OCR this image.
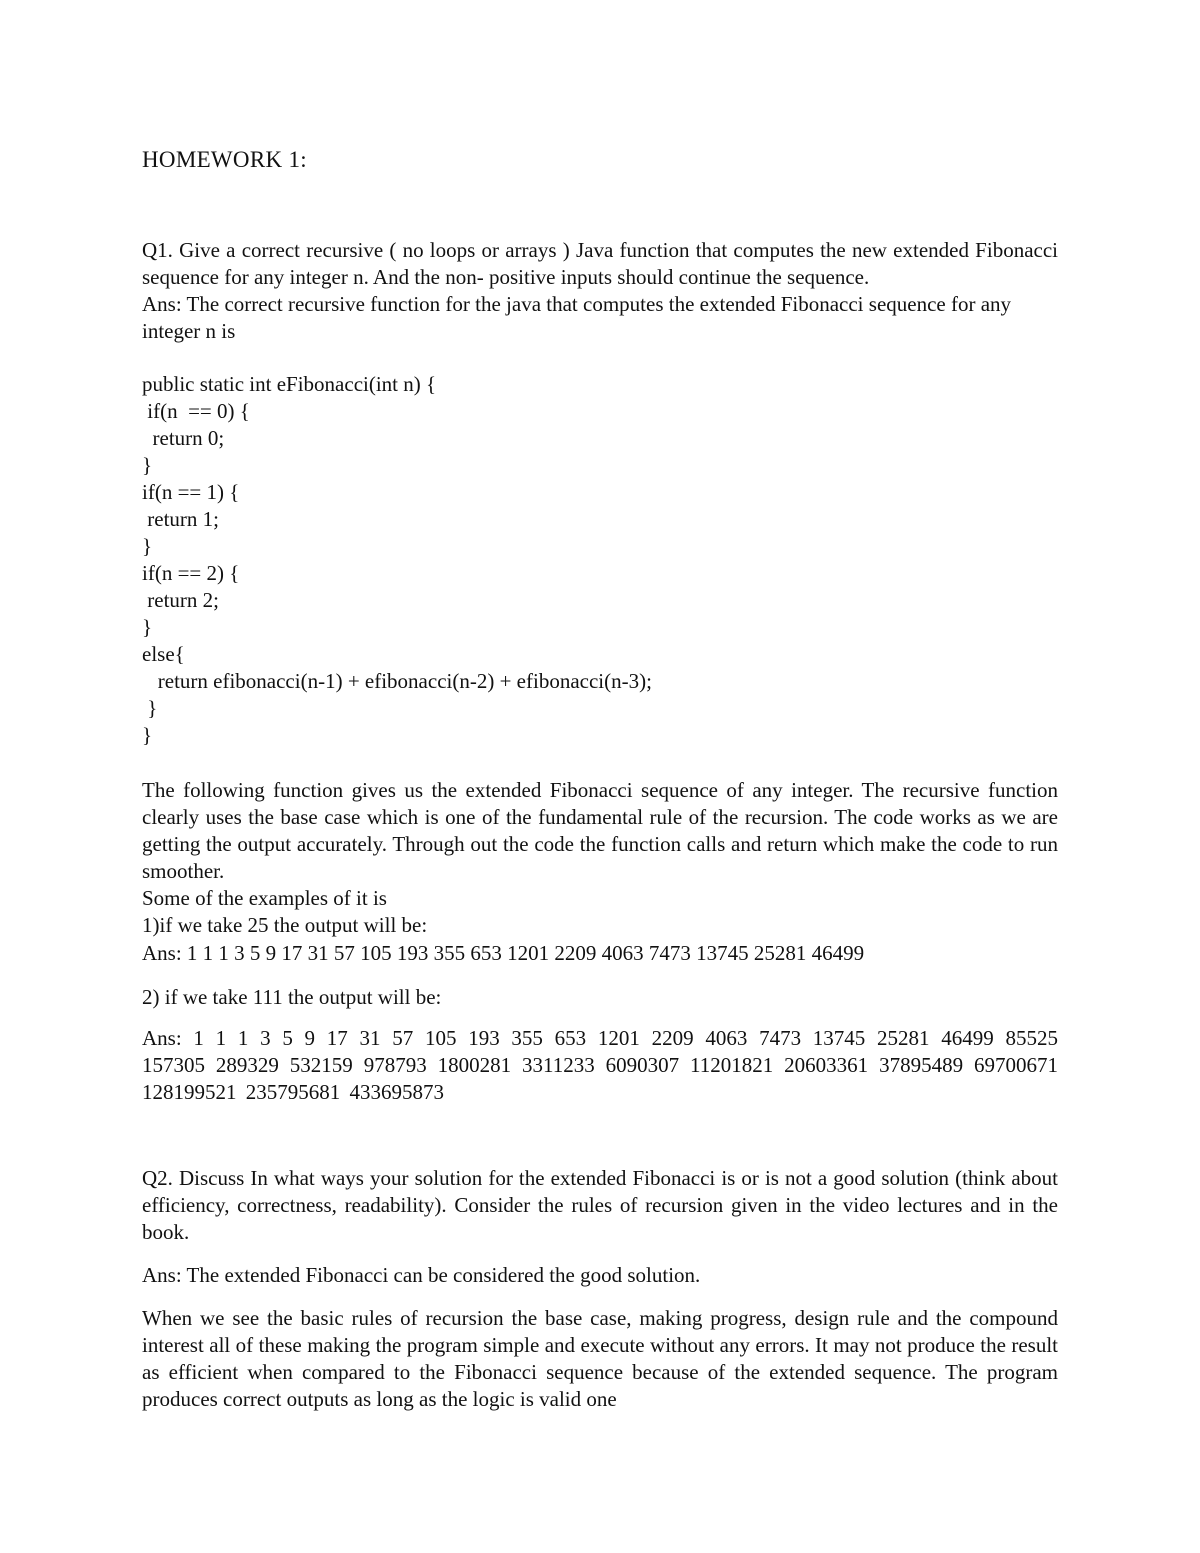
HOMEWORK 1:

Q1. Give a correct recursive ( no loops or arrays ) Java function that computes the new extended Fibonacci sequence for any integer n. And the non- positive inputs should continue the sequence.

Ans: The correct recursive function for the java that computes the extended Fibonacci sequence for any integer n is

public static int eFibonacci(int n) {
if(n  == 0) {
return 0;
}
if(n == 1) {
return 1;
}
if(n == 2) {
return 2;
}
else{
return efibonacci(n-1) + efibonacci(n-2) + efibonacci(n-3);
}
}

The following function gives us the extended Fibonacci sequence of any integer. The recursive function clearly uses the base case which is one of the fundamental rule of the recursion. The code works as we are getting the output accurately. Through out the code the function calls and return which make the code to run smoother.

Some of the examples of it is

1)if we take 25 the output will be:

Ans: 1 1 1 3 5 9 17 31 57 105 193 355 653 1201 2209 4063 7473 13745 25281 46499
2) if we take 111 the output will be:
Ans: 1 1 1 3 5 9 17 31 57 105 193 355 653 1201 2209 4063 7473 13745 25281 46499 85525 157305 289329 532159 978793 1800281 3311233 6090307 11201821 20603361 37895489 69700671 128199521 235795681 433695873
Q2. Discuss In what ways your solution for the extended Fibonacci is or is not a good solution (think about efficiency, correctness, readability). Consider the rules of recursion given in the video lectures and in the book.
Ans: The extended Fibonacci can be considered the good solution.
When we see the basic rules of recursion the base case, making progress, design rule and the compound interest all of these making the program simple and execute without any errors. It may not produce the result as efficient when compared to the Fibonacci sequence because of the extended sequence. The program produces correct outputs as long as the logic is valid one
